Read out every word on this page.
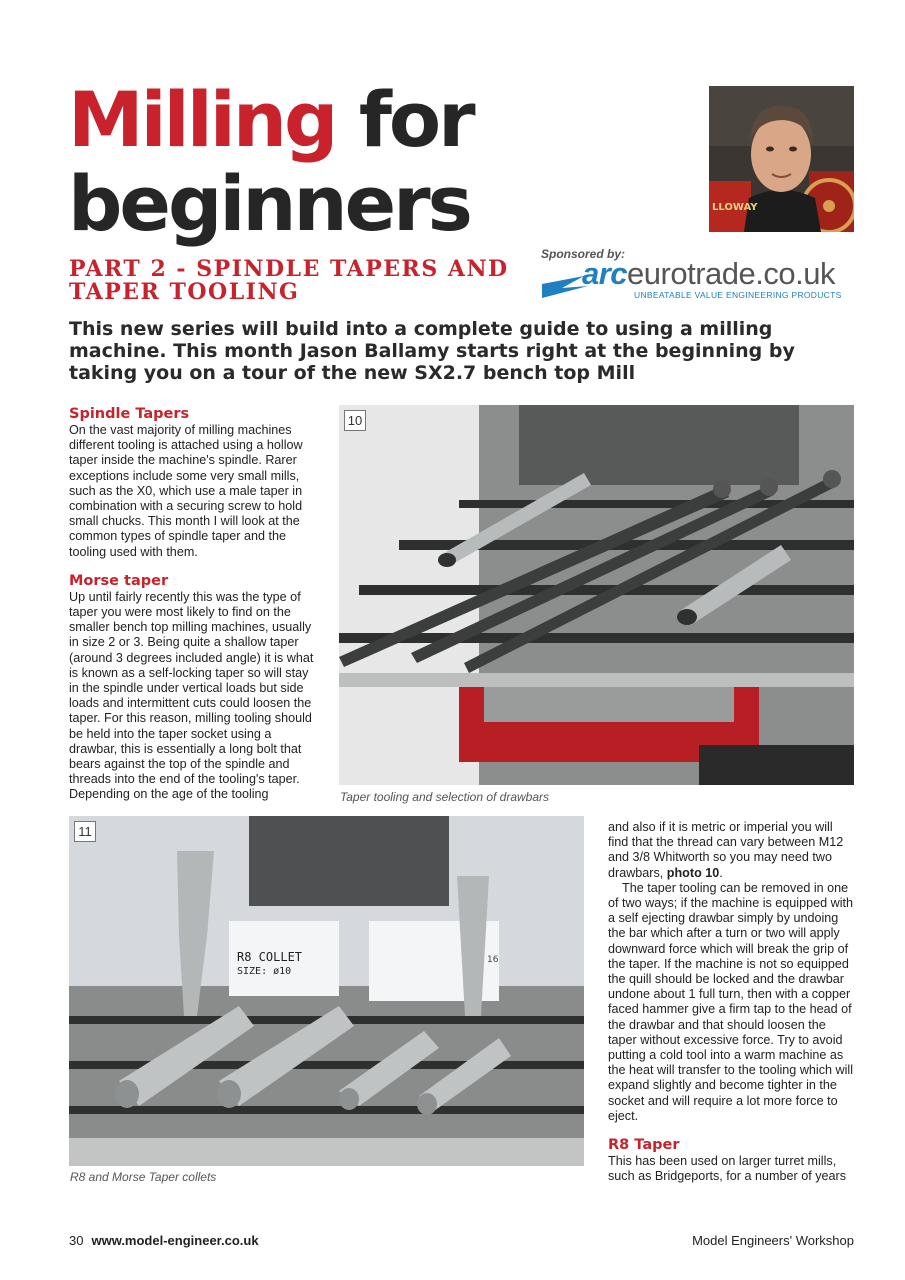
Milling for
beginners	LLOWAY
PART 2 - SPINDLE TAPERS AND TAPER TOOLING
Sponsored by:
arceurotrade.co.uk
UNBEATABLE VALUE ENGINEERING PRODUCTS
This new series will build into a complete guide to using a milling machine. This month Jason Ballamy starts right at the beginning by taking you on a tour of the new SX2.7 bench top Mill
Spindle Tapers

On the vast majority of milling machines different tooling is attached using a hollow taper inside the machine's spindle. Rarer exceptions include some very small mills, such as the X0, which use a male taper in combination with a securing screw to hold small chucks. This month I will look at the common types of spindle taper and the tooling used with them.

Morse taper

Up until fairly recently this was the type of taper you were most likely to find on the smaller bench top milling machines, usually in size 2 or 3. Being quite a shallow taper (around 3 degrees included angle) it is what is known as a self-locking taper so will stay in the spindle under vertical loads but side loads and intermittent cuts could loosen the taper. For this reason, milling tooling should be held into the taper socket using a drawbar, this is essentially a long bolt that bears against the top of the spindle and threads into the end of the tooling's taper. Depending on the age of the tooling

10
Taper tooling and selection of drawbars
R8 COLLET
SIZE: ø10
16
11
R8 and Morse Taper collets

and also if it is metric or imperial you will find that the thread can vary between M12 and 3/8 Whitworth so you may need two drawbars, photo 10.

The taper tooling can be removed in one of two ways; if the machine is equipped with a self ejecting drawbar simply by undoing the bar which after a turn or two will apply downward force which will break the grip of the taper. If the machine is not so equipped the quill should be locked and the drawbar undone about 1 full turn, then with a copper faced hammer give a firm tap to the head of the drawbar and that should loosen the taper without excessive force. Try to avoid putting a cold tool into a warm machine as the heat will transfer to the tooling which will expand slightly and become tighter in the socket and will require a lot more force to eject.

R8 Taper

This has been used on larger turret mills, such as Bridgeports, for a number of years

30 www.model-engineer.co.uk	Model Engineers' Workshop
